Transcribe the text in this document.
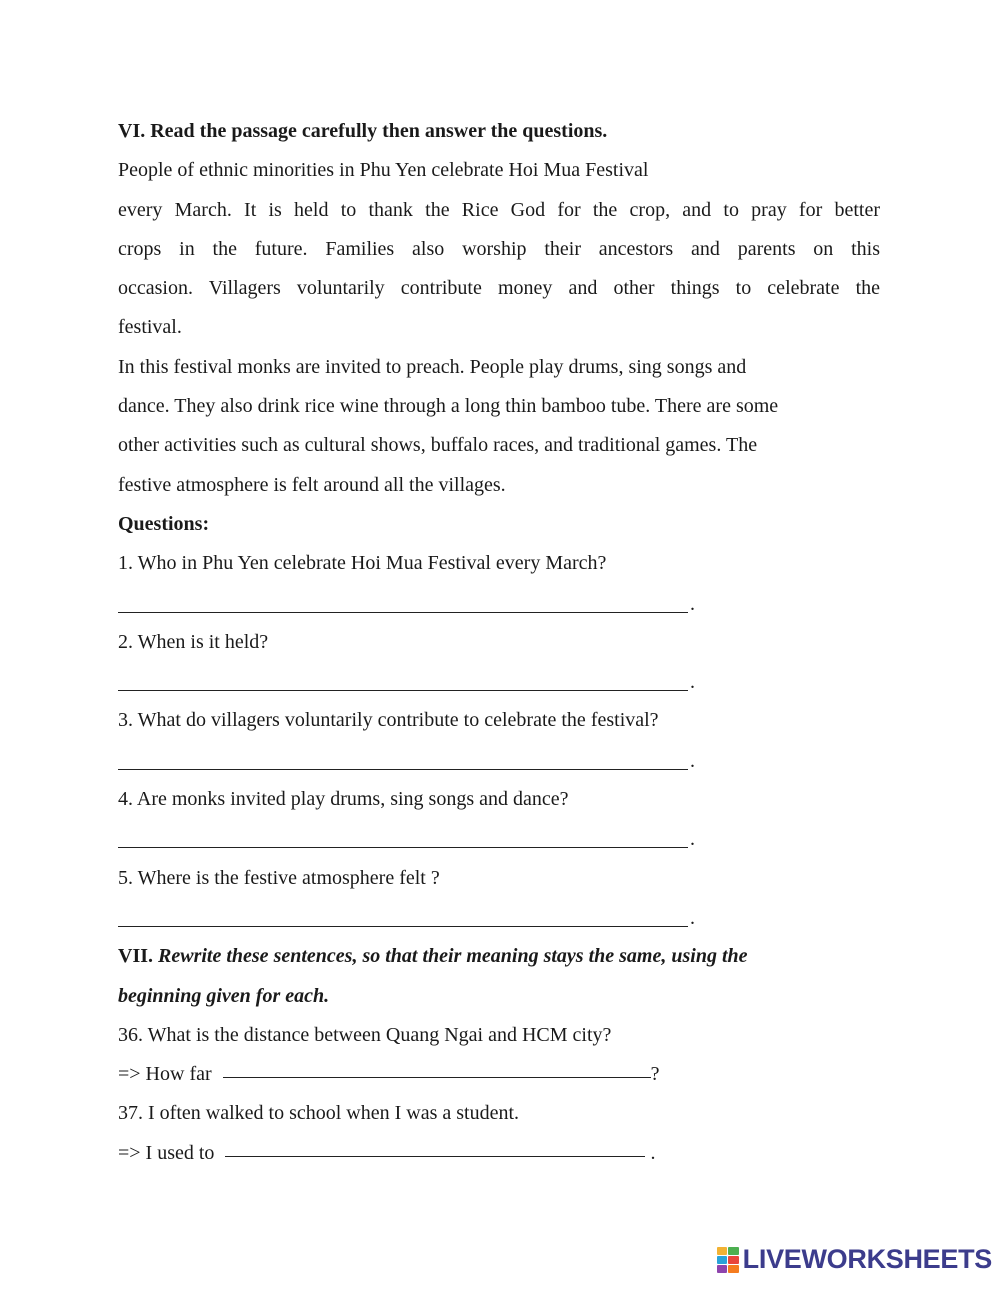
VI. Read the passage carefully then answer the questions.
People of ethnic minorities in Phu Yen celebrate Hoi Mua Festival
every March. It is held to thank the Rice God for the crop, and to pray for better
crops in the future. Families also worship their ancestors and parents on this
occasion. Villagers voluntarily contribute money and other things to celebrate the
festival.
In this festival monks are invited to preach. People play drums, sing songs and
dance. They also drink rice wine through a long thin bamboo tube. There are some
other activities such as cultural shows, buffalo races, and traditional games. The
festive atmosphere is felt around all the villages.
Questions:
1. Who in Phu Yen celebrate Hoi Mua Festival every March?
.
2. When is it held?
.
3. What do villagers voluntarily contribute to celebrate the festival?
.
4. Are monks invited play drums, sing songs and dance?
.
5. Where is the festive atmosphere felt ?
.
VII. Rewrite these sentences, so that their meaning stays the same, using the
beginning given for each.
36. What is the distance between Quang Ngai and HCM city?
=> How far	?
37. I often walked to school when I was a student.
=> I used to	.
LIVEWORKSHEETS
